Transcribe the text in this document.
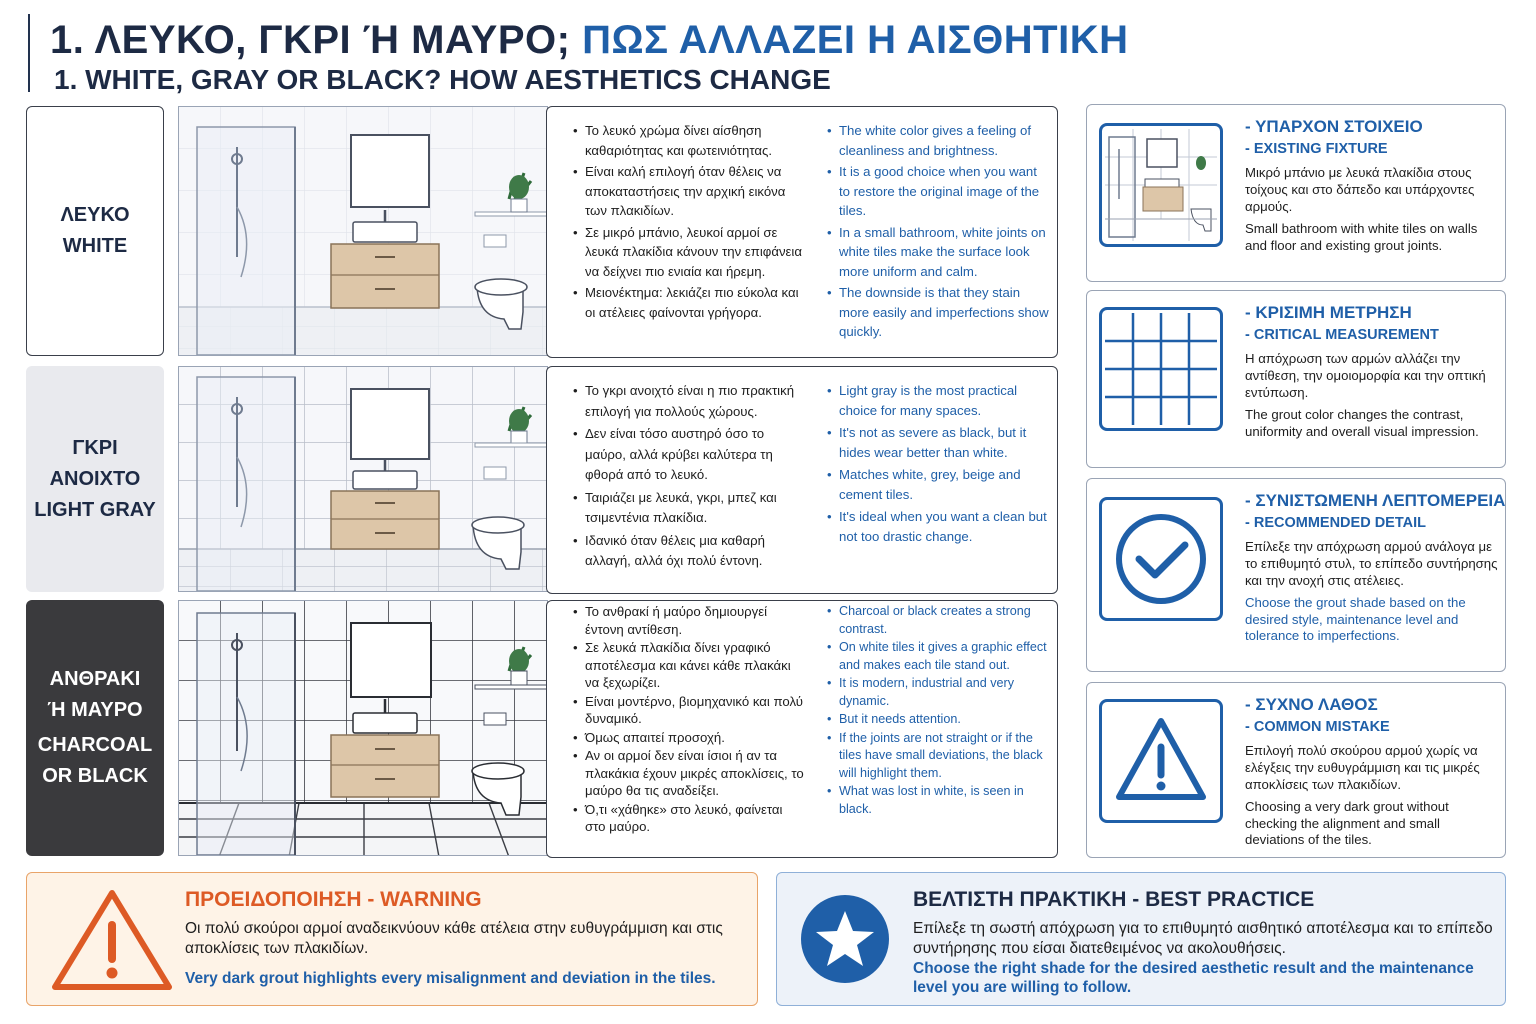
1. ΛΕΥΚΟ, ΓΚΡΙ Ή ΜΑΥΡΟ; ΠΩΣ ΑΛΛΑΖΕΙ Η ΑΙΣΘΗΤΙΚΗ
1. WHITE, GRAY OR BLACK? HOW AESTHETICS CHANGE
ΛΕΥΚΟ
WHITE
• Το λευκό χρώμα δίνει αίσθηση καθαριότητας και φωτεινιότητας.
• Είναι καλή επιλογή όταν θέλεις να αποκαταστήσεις την αρχική εικόνα των πλακιδίων.
• Σε μικρό μπάνιο, λευκοί αρμοί σε λευκά πλακίδια κάνουν την επιφάνεια να δείχνει πιο ενιαία και ήρεμη.
• Μειονέκτημα: λεκιάζει πιο εύκολα και οι ατέλειες φαίνονται γρήγορα.
• The white color gives a feeling of cleanliness and brightness.
• It is a good choice when you want to restore the original image of the tiles.
• In a small bathroom, white joints on white tiles make the surface look more uniform and calm.
• The downside is that they stain more easily and imperfections show quickly.
ΓΚΡΙ ΑΝΟΙΧΤΟ
LIGHT GRAY
• Το γκρι ανοιχτό είναι η πιο πρακτική επιλογή για πολλούς χώρους.
• Δεν είναι τόσο αυστηρό όσο το μαύρο, αλλά κρύβει καλύτερα τη φθορά από το λευκό.
• Ταιριάζει με λευκά, γκρι, μπεζ και τσιμεντένια πλακίδια.
• Ιδανικό όταν θέλεις μια καθαρή αλλαγή, αλλά όχι πολύ έντονη.
• Light gray is the most practical choice for many spaces.
• It's not as severe as black, but it hides wear better than white.
• Matches white, grey, beige and cement tiles.
• It's ideal when you want a clean but not too drastic change.
ΑΝΘΡΑΚΙ
Ή ΜΑΥΡΟ
CHARCOAL
OR BLACK
• Το ανθρακί ή μαύρο δημιουργεί έντονη αντίθεση.
• Σε λευκά πλακίδια δίνει γραφικό αποτέλεσμα και κάνει κάθε πλακάκι να ξεχωρίζει.
• Είναι μοντέρνο, βιομηχανικό και πολύ δυναμικό.
• Όμως απαιτεί προσοχή.
• Αν οι αρμοί δεν είναι ίσιοι ή αν τα πλακάκια έχουν μικρές αποκλίσεις, το μαύρο θα τις αναδείξει.
• Ό,τι «χάθηκε» στο λευκό, φαίνεται στο μαύρο.
• Charcoal or black creates a strong contrast.
• On white tiles it gives a graphic effect and makes each tile stand out.
• It is modern, industrial and very dynamic.
• But it needs attention.
• If the joints are not straight or if the tiles have small deviations, the black will highlight them.
• What was lost in white, is seen in black.
- ΥΠΑΡΧΟΝ ΣΤΟΙΧΕΙΟ
- EXISTING FIXTURE
Μικρό μπάνιο με λευκά πλακίδια στους τοίχους και στο δάπεδο και υπάρχοντες αρμούς.
Small bathroom with white tiles on walls and floor and existing grout joints.
- ΚΡΙΣΙΜΗ ΜΕΤΡΗΣΗ
- CRITICAL MEASUREMENT
Η απόχρωση των αρμών αλλάζει την αντίθεση, την ομοιομορφία και την οπτική εντύπωση.
The grout color changes the contrast, uniformity and overall visual impression.
- ΣΥΝΙΣΤΩΜΕΝΗ ΛΕΠΤΟΜΕΡΕΙΑ
- RECOMMENDED DETAIL
Επίλεξε την απόχρωση αρμού ανάλογα με το επιθυμητό στυλ, το επίπεδο συντήρησης και την ανοχή στις ατέλειες.
Choose the grout shade based on the desired style, maintenance level and tolerance to imperfections.
- ΣΥΧΝΟ ΛΑΘΟΣ
- COMMON MISTAKE
Επιλογή πολύ σκούρου αρμού χωρίς να ελέγξεις την ευθυγράμμιση και τις μικρές αποκλίσεις των πλακιδίων.
Choosing a very dark grout without checking the alignment and small deviations of the tiles.
ΠΡΟΕΙΔΟΠΟΙΗΣΗ - WARNING
Οι πολύ σκούροι αρμοί αναδεικνύουν κάθε ατέλεια στην ευθυγράμμιση και στις αποκλίσεις των πλακιδίων.
Very dark grout highlights every misalignment and deviation in the tiles.
ΒΕΛΤΙΣΤΗ ΠΡΑΚΤΙΚΗ - BEST PRACTICE
Επίλεξε τη σωστή απόχρωση για το επιθυμητό αισθητικό αποτέλεσμα και το επίπεδο συντήρησης που είσαι διατεθειμένος να ακολουθήσεις.
Choose the right shade for the desired aesthetic result and the maintenance level you are willing to follow.
